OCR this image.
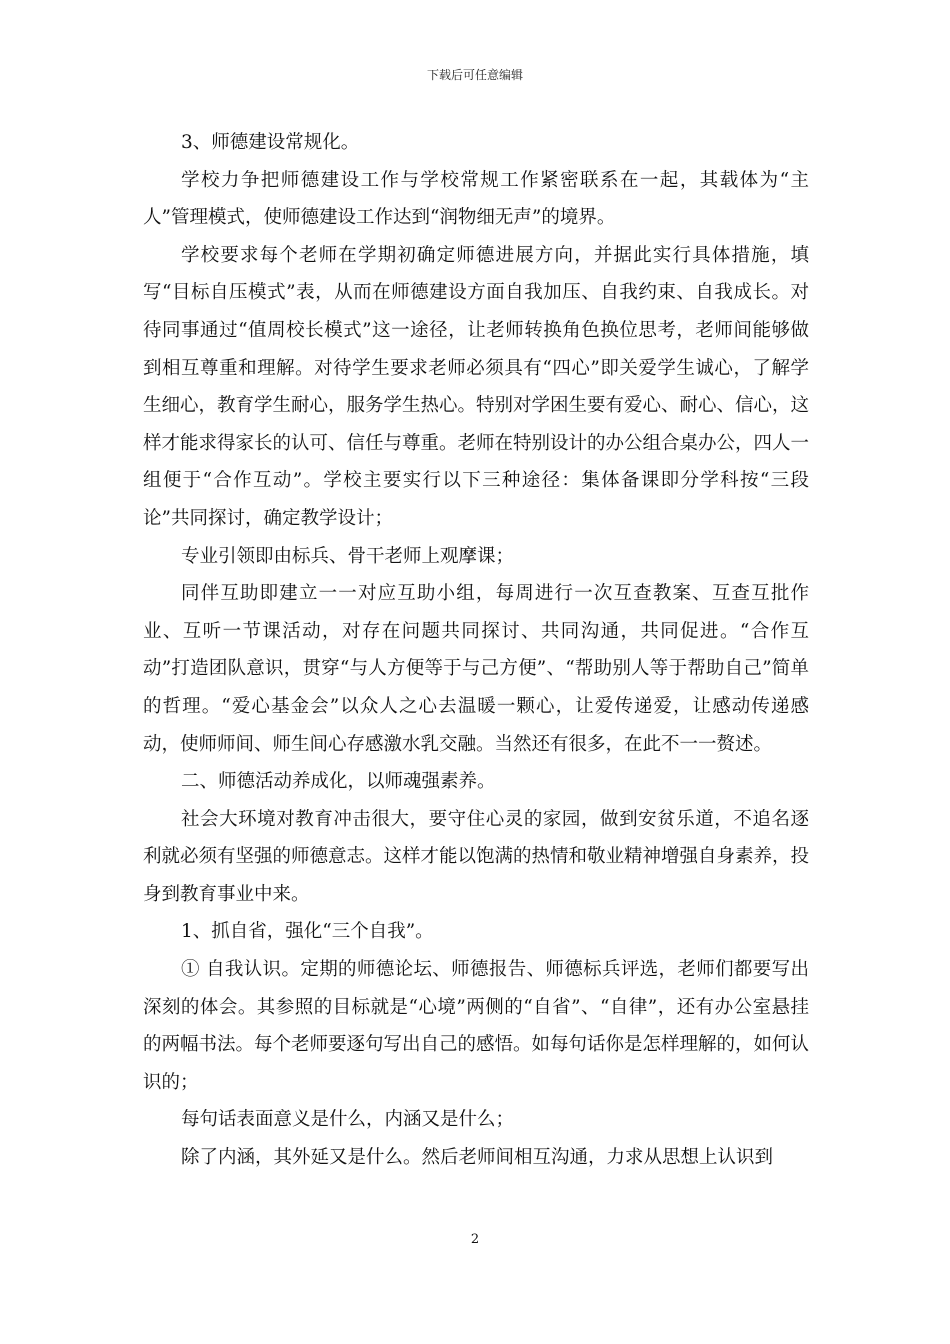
下载后可任意编辑

3、师德建设常规化。

学校力争把师德建设工作与学校常规工作紧密联系在一起，其载体为“主人”管理模式，使师德建设工作达到“润物细无声”的境界。

学校要求每个老师在学期初确定师德进展方向，并据此实行具体措施，填写“目标自压模式”表，从而在师德建设方面自我加压、自我约束、自我成长。对待同事通过“值周校长模式”这一途径，让老师转换角色换位思考，老师间能够做到相互尊重和理解。对待学生要求老师必须具有“四心”即关爱学生诚心，了解学生细心，教育学生耐心，服务学生热心。特别对学困生要有爱心、耐心、信心，这样才能求得家长的认可、信任与尊重。老师在特别设计的办公组合桌办公，四人一组便于“合作互动”。学校主要实行以下三种途径：集体备课即分学科按“三段论”共同探讨，确定教学设计；

专业引领即由标兵、骨干老师上观摩课；

同伴互助即建立一一对应互助小组，每周进行一次互查教案、互查互批作业、互听一节课活动，对存在问题共同探讨、共同沟通，共同促进。“合作互动”打造团队意识，贯穿“与人方便等于与己方便”、“帮助别人等于帮助自己”简单的哲理。“爱心基金会”以众人之心去温暖一颗心，让爱传递爱，让感动传递感动，使师师间、师生间心存感激水乳交融。当然还有很多，在此不一一赘述。

二、师德活动养成化，以师魂强素养。

社会大环境对教育冲击很大，要守住心灵的家园，做到安贫乐道，不追名逐利就必须有坚强的师德意志。这样才能以饱满的热情和敬业精神增强自身素养，投身到教育事业中来。

1、抓自省，强化“三个自我”。

① 自我认识。定期的师德论坛、师德报告、师德标兵评选，老师们都要写出深刻的体会。其参照的目标就是“心境”两侧的“自省”、“自律”，还有办公室悬挂的两幅书法。每个老师要逐句写出自己的感悟。如每句话你是怎样理解的，如何认识的；

每句话表面意义是什么，内涵又是什么；

除了内涵，其外延又是什么。然后老师间相互沟通，力求从思想上认识到

2
